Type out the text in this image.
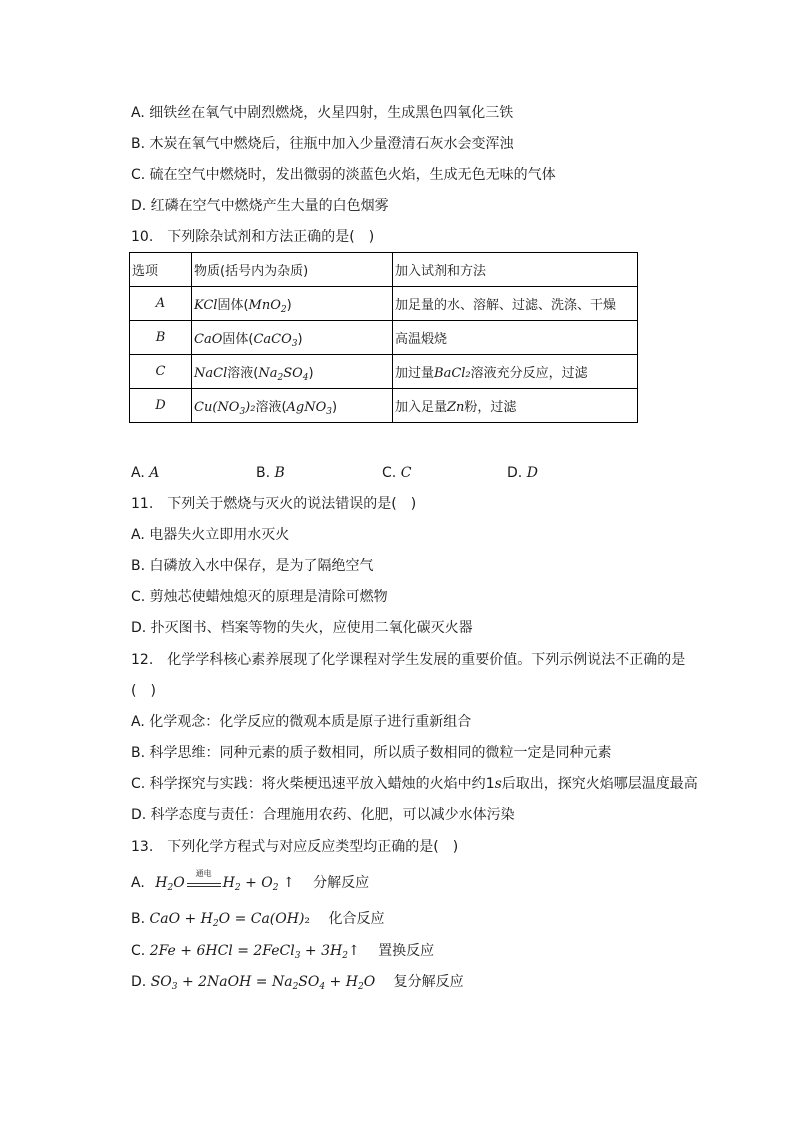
A. 细铁丝在氧气中剧烈燃烧，火星四射，生成黑色四氧化三铁
B. 木炭在氧气中燃烧后，往瓶中加入少量澄清石灰水会变浑浊
C. 硫在空气中燃烧时，发出微弱的淡蓝色火焰，生成无色无味的气体
D. 红磷在空气中燃烧产生大量的白色烟雾
10.　下列除杂试剂和方法正确的是(　)
选项	物质(括号内为杂质)	加入试剂和方法
A	KCl固体(MnO$_2$)	加足量的水、溶解、过滤、洗涤、干燥
B	CaO固体(CaCO$_3$)	高温煅烧
C	NaCl溶液$(Na_2SO_4)$	加过量BaCl₂溶液充分反应，过滤
D	$Cu(NO_3)_2$溶液(AgNO$_3$)	加入足量Zn粉，过滤
A. A	B. B	C. C	D. D
11.　下列关于燃烧与灭火的说法错误的是(　)
A. 电器失火立即用水灭火
B. 白磷放入水中保存，是为了隔绝空气
C. 剪烛芯使蜡烛熄灭的原理是清除可燃物
D. 扑灭图书、档案等物的失火，应使用二氧化碳灭火器
12.　化学学科核心素养展现了化学课程对学生发展的重要价值。下列示例说法不正确的是
(　)
A. 化学观念：化学反应的微观本质是原子进行重新组合
B. 科学思维：同种元素的质子数相同，所以质子数相同的微粒一定是同种元素
C. 科学探究与实践：将火柴梗迅速平放入蜡烛的火焰中约1s后取出，探究火焰哪层温度最高
D. 科学态度与责任：合理施用农药、化肥，可以减少水体污染
13.　下列化学方程式与对应反应类型均正确的是(　)
A. $H_2O$
通电
$H_2 + O_2$ ↑ 分解反应
B. CaO + $H_2O = Ca(OH)_2$ 化合反应
C. 2Fe + 6HCl = 2FeCl$_3$ + $3H_2↑$ 置换反应
D. $SO_3$ + 2NaOH = $Na_2SO_4 + H_2O$ 复分解反应
